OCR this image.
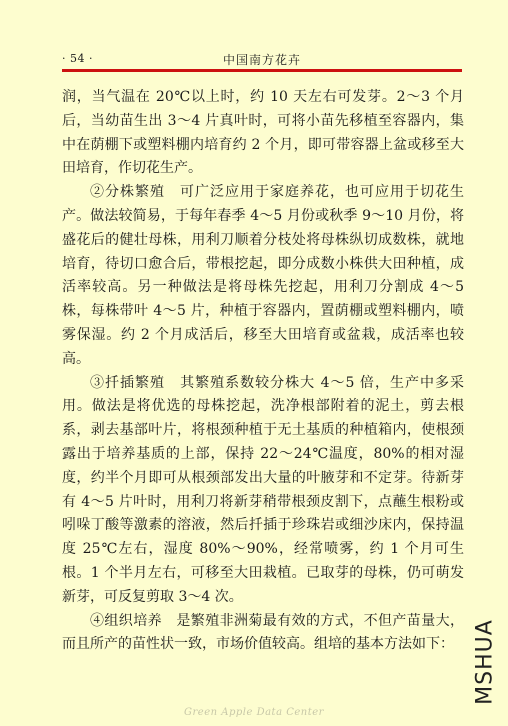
· 54 ·	中国南方花卉

润，当气温在 20℃以上时，约 10 天左右可发芽。2～3 个月后，当幼苗生出 3～4 片真叶时，可将小苗先移植至容器内，集中在荫棚下或塑料棚内培育约 2 个月，即可带容器上盆或移至大田培育，作切花生产。

②分株繁殖　可广泛应用于家庭养花，也可应用于切花生产。做法较简易，于每年春季 4～5 月份或秋季 9～10 月份，将盛花后的健壮母株，用利刀顺着分枝处将母株纵切成数株，就地培育，待切口愈合后，带根挖起，即分成数小株供大田种植，成活率较高。另一种做法是将母株先挖起，用利刀分割成 4～5 株，每株带叶 4～5 片，种植于容器内，置荫棚或塑料棚内，喷雾保湿。约 2 个月成活后，移至大田培育或盆栽，成活率也较高。

③扦插繁殖　其繁殖系数较分株大 4～5 倍，生产中多采用。做法是将优选的母株挖起，洗净根部附着的泥土，剪去根系，剥去基部叶片，将根颈种植于无土基质的种植箱内，使根颈露出于培养基质的上部，保持 22～24℃温度，80%的相对湿度，约半个月即可从根颈部发出大量的叶腋芽和不定芽。待新芽有 4～5 片叶时，用利刀将新芽稍带根颈皮割下，点蘸生根粉或吲哚丁酸等激素的溶液，然后扦插于珍珠岩或细沙床内，保持温度 25℃左右，湿度 80%～90%，经常喷雾，约 1 个月可生根。1 个半月左右，可移至大田栽植。已取芽的母株，仍可萌发新芽，可反复剪取 3～4 次。

④组织培养　是繁殖非洲菊最有效的方式，不但产苗量大，而且所产的苗性状一致，市场价值较高。组培的基本方法如下： MSHUA
Green Apple Data Center
